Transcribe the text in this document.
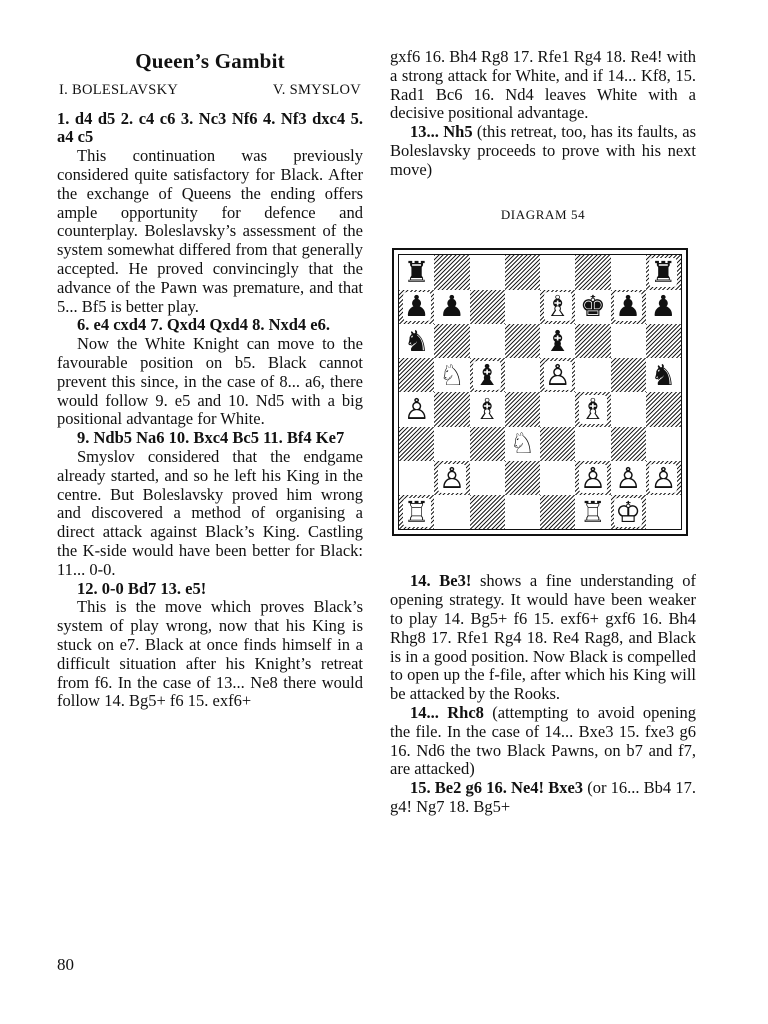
Queen’s Gambit

I. BOLESLAVSKY	V. SMYSLOV

1. d4 d5 2. c4 c6 3. Nc3 Nf6 4. Nf3 dxc4 5. a4 c5

This continuation was previously considered quite satisfactory for Black. After the exchange of Queens the ending offers ample opportunity for defence and counterplay. Boleslavsky’s assessment of the system somewhat differed from that generally accepted. He proved convincingly that the advance of the Pawn was premature, and that 5... Bf5 is better play.

6. e4 cxd4 7. Qxd4 Qxd4 8. Nxd4 e6.

Now the White Knight can move to the favourable position on b5. Black cannot prevent this since, in the case of 8... a6, there would follow 9. e5 and 10. Nd5 with a big positional advantage for White.

9. Ndb5 Na6 10. Bxc4 Bc5 11. Bf4 Ke7

Smyslov considered that the endgame already started, and so he left his King in the centre. But Boleslavsky proved him wrong and discovered a method of organising a direct attack against Black’s King. Castling the K-side would have been better for Black: 11... 0-0.

12. 0-0 Bd7 13. e5!

This is the move which proves Black’s system of play wrong, now that his King is stuck on e7. Black at once finds himself in a difficult situation after his Knight’s retreat from f6. In the case of 13... Ne8 there would follow 14. Bg5+ f6 15. exf6+

gxf6 16. Bh4 Rg8 17. Rfe1 Rg4 18. Re4! with a strong attack for White, and if 14... Kf8, 15. Rad1 Bc6 16. Nd4 leaves White with a decisive positional advantage.

13... Nh5 (this retreat, too, has its faults, as Boleslavsky proceeds to prove with his next move)

DIAGRAM 54

♜	♜
♟ ♟	♗ ♚ ♟ ♟
♞	♝
♘ ♝ ♙	♞
♙ ♗	♗
♘
♙	♙ ♙ ♙
♖	♖ ♔

14. Be3! shows a fine understanding of opening strategy. It would have been weaker to play 14. Bg5+ f6 15. exf6+ gxf6 16. Bh4 Rhg8 17. Rfe1 Rg4 18. Re4 Rag8, and Black is in a good position. Now Black is compelled to open up the f-file, after which his King will be attacked by the Rooks.

14... Rhc8 (attempting to avoid opening the file. In the case of 14... Bxe3 15. fxe3 g6 16. Nd6 the two Black Pawns, on b7 and f7, are attacked)

15. Be2 g6 16. Ne4! Bxe3 (or 16... Bb4 17. g4! Ng7 18. Bg5+

80
